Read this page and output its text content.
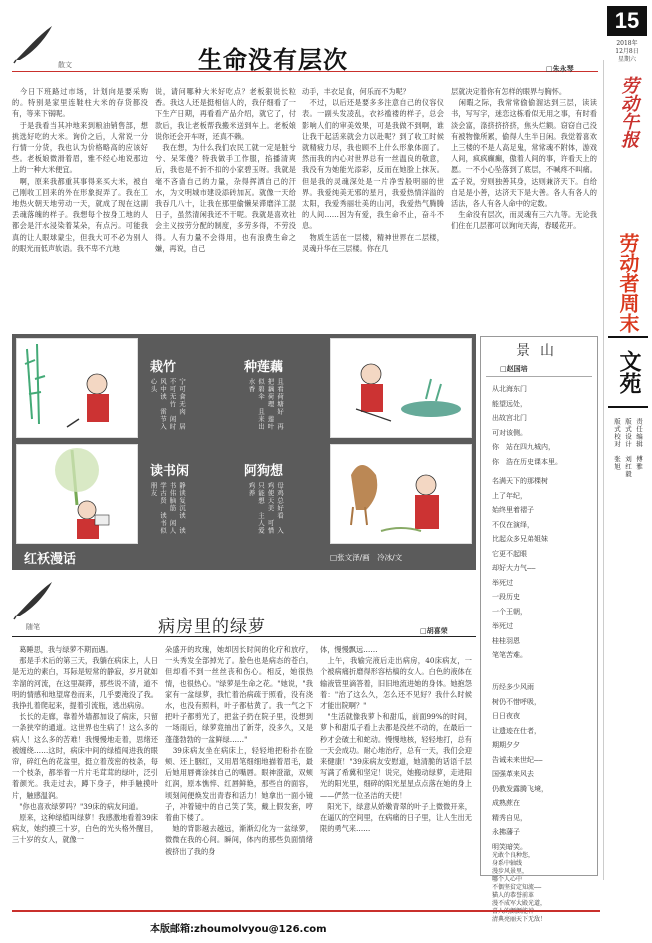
15
2018年
12月8日
星期六
劳动午报
劳动者周末
文苑
责任编辑　傅雅
版式设计　刘红毅
版式校对　张旭
散文	生命没有层次	□朱永琴
　今日下班路过市场，计划向是要采购的。特别是家里连鞋柱大米的存货都没有，等来下锅呢。
　于是我看当其冲地来到粮油销售部，想挑选好吃的大米。询价之后，人常说一分行情一分货，我也认为价格略高的应该好些。老板娘微滑着眉，雅不经心地说那边上的一种大米便宜。
　啊，原来我都重其事得来买大米，被自己刚收工回来的外在形象捉弄了。我在工地热火朝天地劳动一天，就成了现在这副丢魂落魄的样子。我想每个按身工地的人都会是汗水浸染着某朵，有点污。可能我真的让人眼球蒙尘，但我大可不必为别人的眼光而低声软语。我不卑不亢地
说，请问哪种大米好吃点？老板狠说长粒香。我这人还是挺相信人的，我仔细看了一下生产日期，再看看产品介绍，就它了，付款后，我让老板帮我搬米送到车上。老板娘说你还会开车呀，还真不赖。
　我在想，为什么我们农民工就一定是脏兮兮、呆笨傻？特我做手工作服，掐播清爽后，我也是不折不扣的小家碧玉呀。我就是毫不吝啬自己的力量，杂得挥洒自己的汗水，为文明城市建设添砖加瓦。就像一天给我吞几八十，让我在那里偷懒呆滞磨洋工混日子，虽然清闲我还不干呢。我就是喜欢社会主义按劳分配的制度，多劳多得，不劳没得。人有力量不会得用，也有浪费生命之嫌，再说，自己
动手，丰衣足食，何乐而不为呢？
　不过，以后还是要多多注意自己的仪容仪表。一副头发凌乱，衣衫褴褛的样子，总会影响人们的审美效果，可是我做不到啊，谁让我干起活来就会力以赴呢？到了收工时候就精疲力尽，我也顾不上什么形象体面了。然而我的内心对世界总有一丝温良的敬意，我没有为她能光添彩，反而在她脸上抹灰。但是我的灵魂深处是一片净雪般明丽的世界。我爱纯美无邪的星月，我爱热情洋溢的太阳，我爱秀丽壮美的山河，我爱热气腾腾的人间……因为有爱，我生命不止，奋斗不息。
　物质生活在一层楼，精神世界在二层楼，灵魂升华在三层楼。你在几
层就决定着你有怎样的眼界与胸怀。
　闲暇之际，我常常偷偷溜达到三层，读读书，写写字，迷恋这栋看似无用之事，有时看淡会富，涤挤挤挤挤，焦头烂额。窃窃自己没有被物像所累，偷得人生半日闲。我觉着喜欢上三楼的不是人高足鬼，常常魂不附体，游戏人间，疯疯癫癫，傲着人间的事，许看天上的愿。一不小心坠落到了底层，不喊疼不叫痛。孟子说，穷则独善其身，达则兼济天下。自给自足是小善，达济天下是大善。各人有各人的活法，各人有各人命中的定数。
　生命没有层次，而灵魂有三六九等。无论我们住在几层都可以询向天海，春暖花开。
栽竹
宁可食无肉　居不可无竹　闲时风中读　雷节入心头
种莲藕
且看荷塘好　再把藕荷理　莲叶似碧伞　且来出水香
读书闲
静读复沉读　读书伟脑筋　闲人学古贤　读书似朋友
阿狗想
母鸡总好看　入鸡使天美　可惜只能想　主人爱鸡养
红袄漫话	□张文泽/画　冷冰/文
景山
□赵国培
从北海东门
能望远处，
出故宫北门
可对该侧。
你　站在四九城内，
你　浩在历史课本里。
名满天下的那棵树
上了年纪，
始终里着褶子
不仅在演绎，
比起众多兄弟姐妹
它更不起眼
却好大力气——
举死过
一段历史
一个王朝，
举死过
桂桂羽恩
笔笔苦难。
历经多少风雨
树仍不惜呼吸，
日日夜夜
让遗迹在仕者，
期期夕夕
告诫未来世纪——
国强革来风去
仍教发露腾飞境，
成熟蔗在
精秀自见，
永拂藩子
明笑暗笑。
光敢个良种您，
身系中轴线
漫步风景里，
哪个人心中
不偶坚贫定知流——
猫人的恭誉前革
漫不成军大殿光道，

清典亮丽天下无敌！
随笔	病房里的绿萝	□胡喜荣
　葛睡思，我与绿萝不期而遇。
　那是手术后的第三天，我躺在病床上，人日是无边的素白，耳际是短常的静寂，岁月就如幸溜的河流，在这里凝滞，那些说不清，道不明的情感和地望席卷而来，几乎要淹没了我。我挣扎着爬起来，提着引流瓶，逃出病房。
　长长的走廊，靠着外墙都加设了病床，只留一条狭窄的通道。这世界也生病了！这么多的病人！这么多的苦难！我慢慢地走着，思绪还被缠绕……这时，病床中间的绿植闯进我的眼帘，碎红色的花盆里，挺立着茂密的枝条，每一个枝条，都举着一片片毛茸茸的绿叶，泛引着颜光。我走过去，蹲下身子，伸手触摸叶片，触感温润。
　"你也喜欢绿萝吗？"39床的病友问道。
　原来，这种绿植叫绿萝！我感激地看着39床病友，她约摸三十岁，白色的光头格外醒目，三十岁的女人，就像一
朵盛开的玫瑰，她却因长时间的化疗和放疗，一头秀发全部掉光了。脸色也是病态的苍白，但却看不到一丝丝丧和伤心。相反，她很热情，也很热心。"绿萝是生命之花。"她说，"我家有一盆绿萝，我忙着治病疏于照看，没有浇水，也没有照料，叶子都枯黄了。我一气之下把叶子都剪光了，把盆子扔在院子里，没想到一场雨后，绿萝竟抽出了新芽，没多久，又是蓬蓬勃勃的一盆鲜绿……"
　39床病友坐在病床上，轻轻地把粉扑在脸颊、还上胭红，又用眉笔细细地描着眉毛，最后她用唇膏涂抹自己的嘴唇。眼神澄澈，双颊红润，原本憔悴、红唇鲜艳，那些自的面容，顷刻间便焕发出青春和活力！她拿出一面小镜子，冲着镜中的自己笑了笑，戴上假发套，哼着曲下楼了。
　她的背影越去越远，渐渐幻化为一盆绿萝，微微在我的心间。瞬间，体内的那些负面情绪被挤出了我的身
体，慢慢飘远……
　上午，我输完液后走出病房，40床病友，一个被病痛折磨得形容枯槁的女人。白色的液体在输液管里滴答着，旧旧地流进她的身体。她抱怨着："治了这么久，怎么还不见好？我什么时候才能出院啊？"
　"生活就像我萝卜和甜瓜，前面99%的时间，萝卜和甜瓜子看上去都是没丝不动的，在最后一秒才会破土和蛇动。慢慢地核，轻轻地打，总有一天会成功。耐心地治疗，总有一天，我们会迎来健康！"39床病友安慰道，她清脆的话语千层写满了希冀和坚定！说完，她搬动绿萝，走进阳光的阳光里，细碎的阳光星星点点落在她的身上——俨然一位圣洁的天使！
　阳光下，绿意从娇嫩青翠的叶子上微微开来，在逼仄的空间里，在病痛的日子里，让人生出无限的勇气来……
本版邮箱:zhoumolvyou@126.com
